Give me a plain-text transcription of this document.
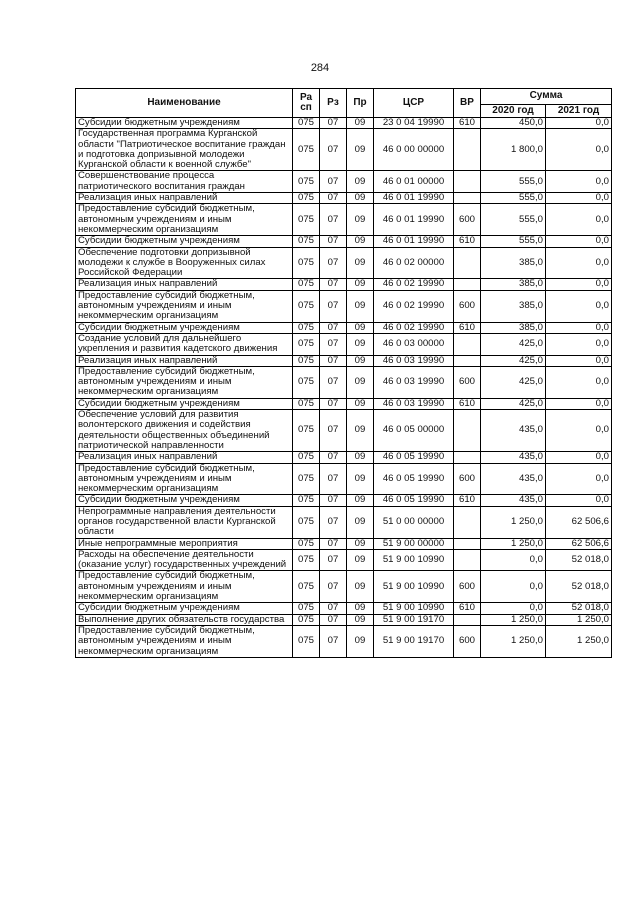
284
Наименование	Ра сп	Рз	Пр	ЦСР	ВР	Сумма	
						2020 год	2021 год
Субсидии бюджетным учреждениям	075	07	09	23 0 04 19990	610	450,0	0,0
Государственная программа Курганской области "Патриотическое воспитание граждан и подготовка допризывной молодежи Курганской области к военной службе"	075	07	09	46 0 00 00000		1 800,0	0,0
Совершенствование процесса патриотического воспитания граждан	075	07	09	46 0 01 00000		555,0	0,0
Реализация иных направлений	075	07	09	46 0 01 19990		555,0	0,0
Предоставление субсидий бюджетным, автономным учреждениям и иным некоммерческим организациям	075	07	09	46 0 01 19990	600	555,0	0,0
Субсидии бюджетным учреждениям	075	07	09	46 0 01 19990	610	555,0	0,0
Обеспечение подготовки допризывной молодежи к службе в Вооруженных силах Российской Федерации	075	07	09	46 0 02 00000		385,0	0,0
Реализация иных направлений	075	07	09	46 0 02 19990		385,0	0,0
Предоставление субсидий бюджетным, автономным учреждениям и иным некоммерческим организациям	075	07	09	46 0 02 19990	600	385,0	0,0
Субсидии бюджетным учреждениям	075	07	09	46 0 02 19990	610	385,0	0,0
Создание условий для дальнейшего укрепления и развития кадетского движения	075	07	09	46 0 03 00000		425,0	0,0
Реализация иных направлений	075	07	09	46 0 03 19990		425,0	0,0
Предоставление субсидий бюджетным, автономным учреждениям и иным некоммерческим организациям	075	07	09	46 0 03 19990	600	425,0	0,0
Субсидии бюджетным учреждениям	075	07	09	46 0 03 19990	610	425,0	0,0
Обеспечение условий для развития волонтерского движения и содействия деятельности общественных объединений патриотической направленности	075	07	09	46 0 05 00000		435,0	0,0
Реализация иных направлений	075	07	09	46 0 05 19990		435,0	0,0
Предоставление субсидий бюджетным, автономным учреждениям и иным некоммерческим организациям	075	07	09	46 0 05 19990	600	435,0	0,0
Субсидии бюджетным учреждениям	075	07	09	46 0 05 19990	610	435,0	0,0
Непрограммные направления деятельности органов государственной власти Курганской области	075	07	09	51 0 00 00000		1 250,0	62 506,6
Иные непрограммные мероприятия	075	07	09	51 9 00 00000		1 250,0	62 506,6
Расходы на обеспечение деятельности (оказание услуг) государственных учреждений	075	07	09	51 9 00 10990		0,0	52 018,0
Предоставление субсидий бюджетным, автономным учреждениям и иным некоммерческим организациям	075	07	09	51 9 00 10990	600	0,0	52 018,0
Субсидии бюджетным учреждениям	075	07	09	51 9 00 10990	610	0,0	52 018,0
Выполнение других обязательств государства	075	07	09	51 9 00 19170		1 250,0	1 250,0
Предоставление субсидий бюджетным, автономным учреждениям и иным некоммерческим организациям	075	07	09	51 9 00 19170	600	1 250,0	1 250,0
